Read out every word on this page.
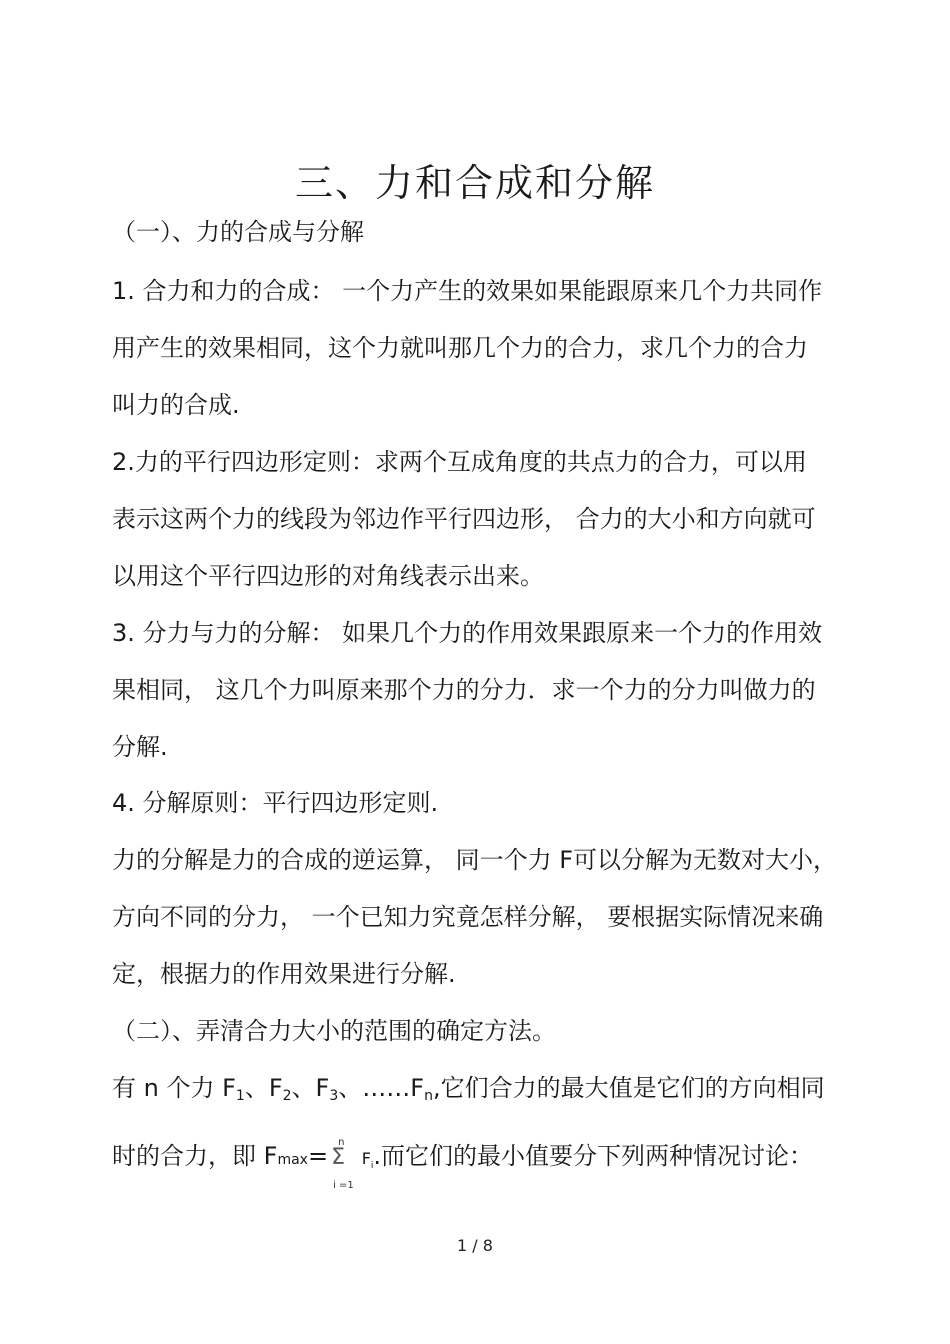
三、力和合成和分解
（一）、力的合成与分解
1. 合力和力的合成： 一个力产生的效果如果能跟原来几个力共同作
用产生的效果相同，这个力就叫那几个力的合力，求几个力的合力
叫力的合成.
2.力的平行四边形定则：求两个互成角度的共点力的合力，可以用
表示这两个力的线段为邻边作平行四边形， 合力的大小和方向就可
以用这个平行四边形的对角线表示出来。
3. 分力与力的分解： 如果几个力的作用效果跟原来一个力的作用效
果相同， 这几个力叫原来那个力的分力．求一个力的分力叫做力的
分解.
4. 分解原则：平行四边形定则.
力的分解是力的合成的逆运算， 同一个力 F可以分解为无数对大小，
方向不同的分力， 一个已知力究竟怎样分解， 要根据实际情况来确
定，根据力的作用效果进行分解.
（二）、弄清合力大小的范围的确定方法。
有 n 个力 $F_1$、$F_2$、$F_3$、$\dots\dots F_n$,它们合力的最大值是它们的方向相同
时的合力，即 Fmax= n
Σ
i =1
$F_i$.而它们的最小值要分下列两种情况讨论：
1 / 8
